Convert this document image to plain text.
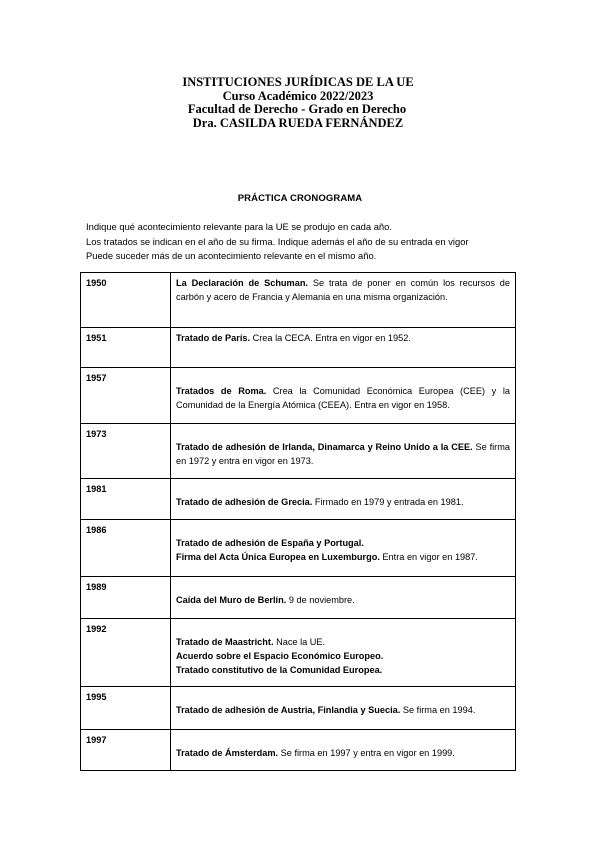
INSTITUCIONES JURÍDICAS DE LA UE
Curso Académico 2022/2023
Facultad de Derecho - Grado en Derecho
Dra. CASILDA RUEDA FERNÁNDEZ
PRÁCTICA CRONOGRAMA
Indique qué acontecimiento relevante para la UE se produjo en cada año.
Los tratados se indican en el año de su firma. Indique además el año de su entrada en vigor
Puede suceder más de un acontecimiento relevante en el mismo año.
1950	La Declaración de Schuman. Se trata de poner en común los recursos de carbón y acero de Francia y Alemania en una misma organización.

1951	Tratado de París. Crea la CECA. Entra en vigor en 1952.

1957	Tratados de Roma. Crea la Comunidad Económica Europea (CEE) y la Comunidad de la Energía Atómica (CEEA). Entra en vigor en 1958.

1973	Tratado de adhesión de Irlanda, Dinamarca y Reino Unido a la CEE. Se firma en 1972 y entra en vigor en 1973.

1981	Tratado de adhesión de Grecia. Firmado en 1979 y entrada en 1981.

1986	Tratado de adhesión de España y Portugal.
Firma del Acta Única Europea en Luxemburgo. Entra en vigor en 1987.

1989	Caída del Muro de Berlín. 9 de noviembre.

1992	Tratado de Maastricht. Nace la UE.
Acuerdo sobre el Espacio Económico Europeo.
Tratado constitutivo de la Comunidad Europea.

1995	Tratado de adhesión de Austria, Finlandia y Suecia. Se firma en 1994.

1997	Tratado de Ámsterdam. Se firma en 1997 y entra en vigor en 1999.
